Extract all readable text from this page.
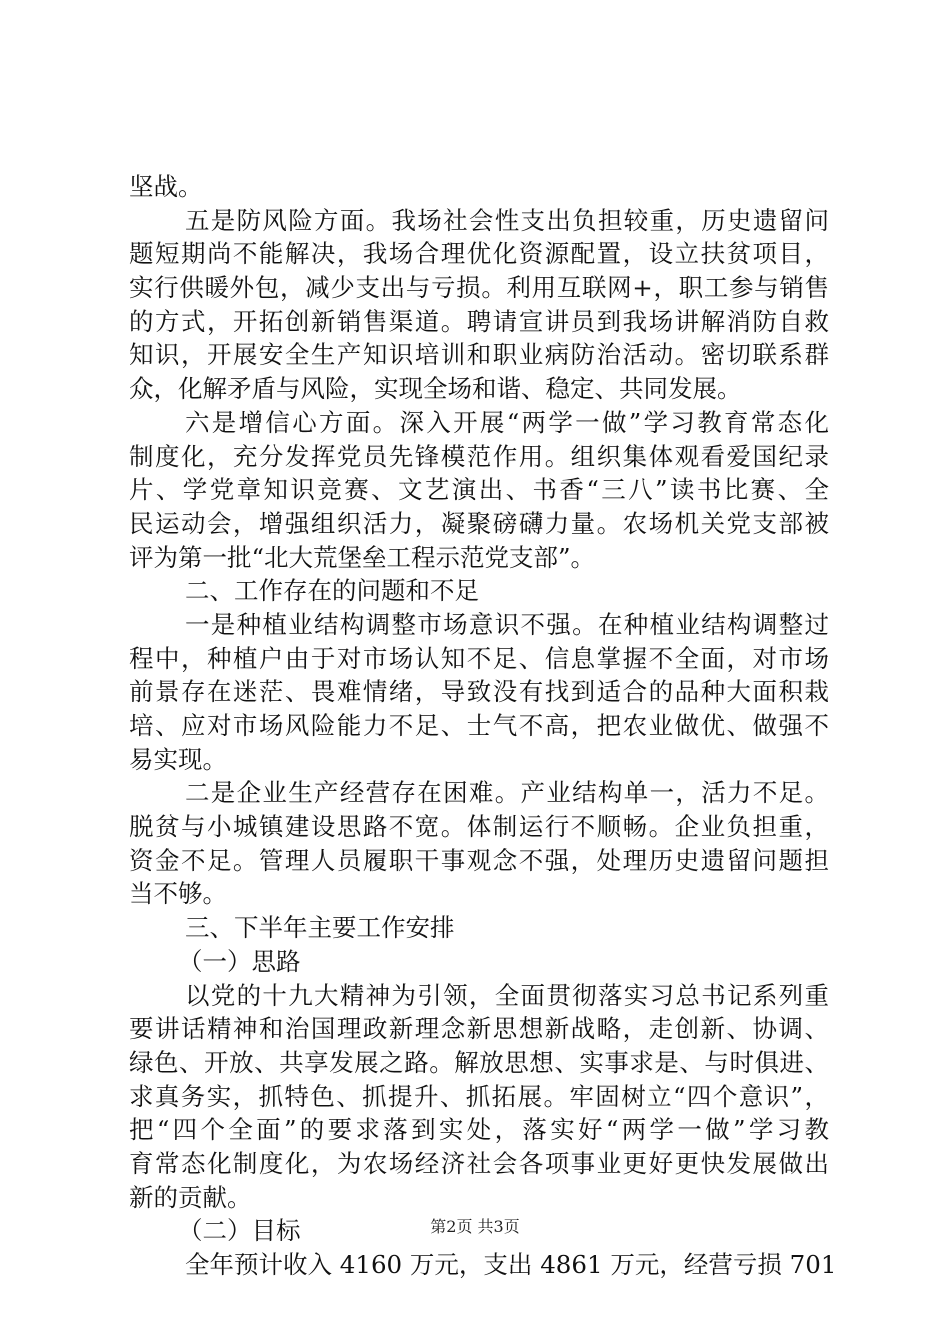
坚战。
五是防风险方面。我场社会性支出负担较重，历史遗留问
题短期尚不能解决，我场合理优化资源配置，设立扶贫项目，
实行供暖外包，减少支出与亏损。利用互联网+，职工参与销售
的方式，开拓创新销售渠道。聘请宣讲员到我场讲解消防自救
知识，开展安全生产知识培训和职业病防治活动。密切联系群
众，化解矛盾与风险，实现全场和谐、稳定、共同发展。
六是增信心方面。深入开展“两学一做”学习教育常态化
制度化，充分发挥党员先锋模范作用。组织集体观看爱国纪录
片、学党章知识竞赛、文艺演出、书香“三八”读书比赛、全
民运动会，增强组织活力，凝聚磅礴力量。农场机关党支部被
评为第一批“北大荒堡垒工程示范党支部”。
二、工作存在的问题和不足
一是种植业结构调整市场意识不强。在种植业结构调整过
程中，种植户由于对市场认知不足、信息掌握不全面，对市场
前景存在迷茫、畏难情绪，导致没有找到适合的品种大面积栽
培、应对市场风险能力不足、士气不高，把农业做优、做强不
易实现。
二是企业生产经营存在困难。产业结构单一，活力不足。
脱贫与小城镇建设思路不宽。体制运行不顺畅。企业负担重，
资金不足。管理人员履职干事观念不强，处理历史遗留问题担
当不够。
三、下半年主要工作安排
（一）思路
以党的十九大精神为引领，全面贯彻落实习总书记系列重
要讲话精神和治国理政新理念新思想新战略，走创新、协调、
绿色、开放、共享发展之路。解放思想、实事求是、与时俱进、
求真务实，抓特色、抓提升、抓拓展。牢固树立“四个意识”，
把“四个全面”的要求落到实处，落实好“两学一做”学习教
育常态化制度化，为农场经济社会各项事业更好更快发展做出
新的贡献。
（二）目标
全年预计收入 4160 万元，支出 4861 万元，经营亏损 701
第2页 共3页
